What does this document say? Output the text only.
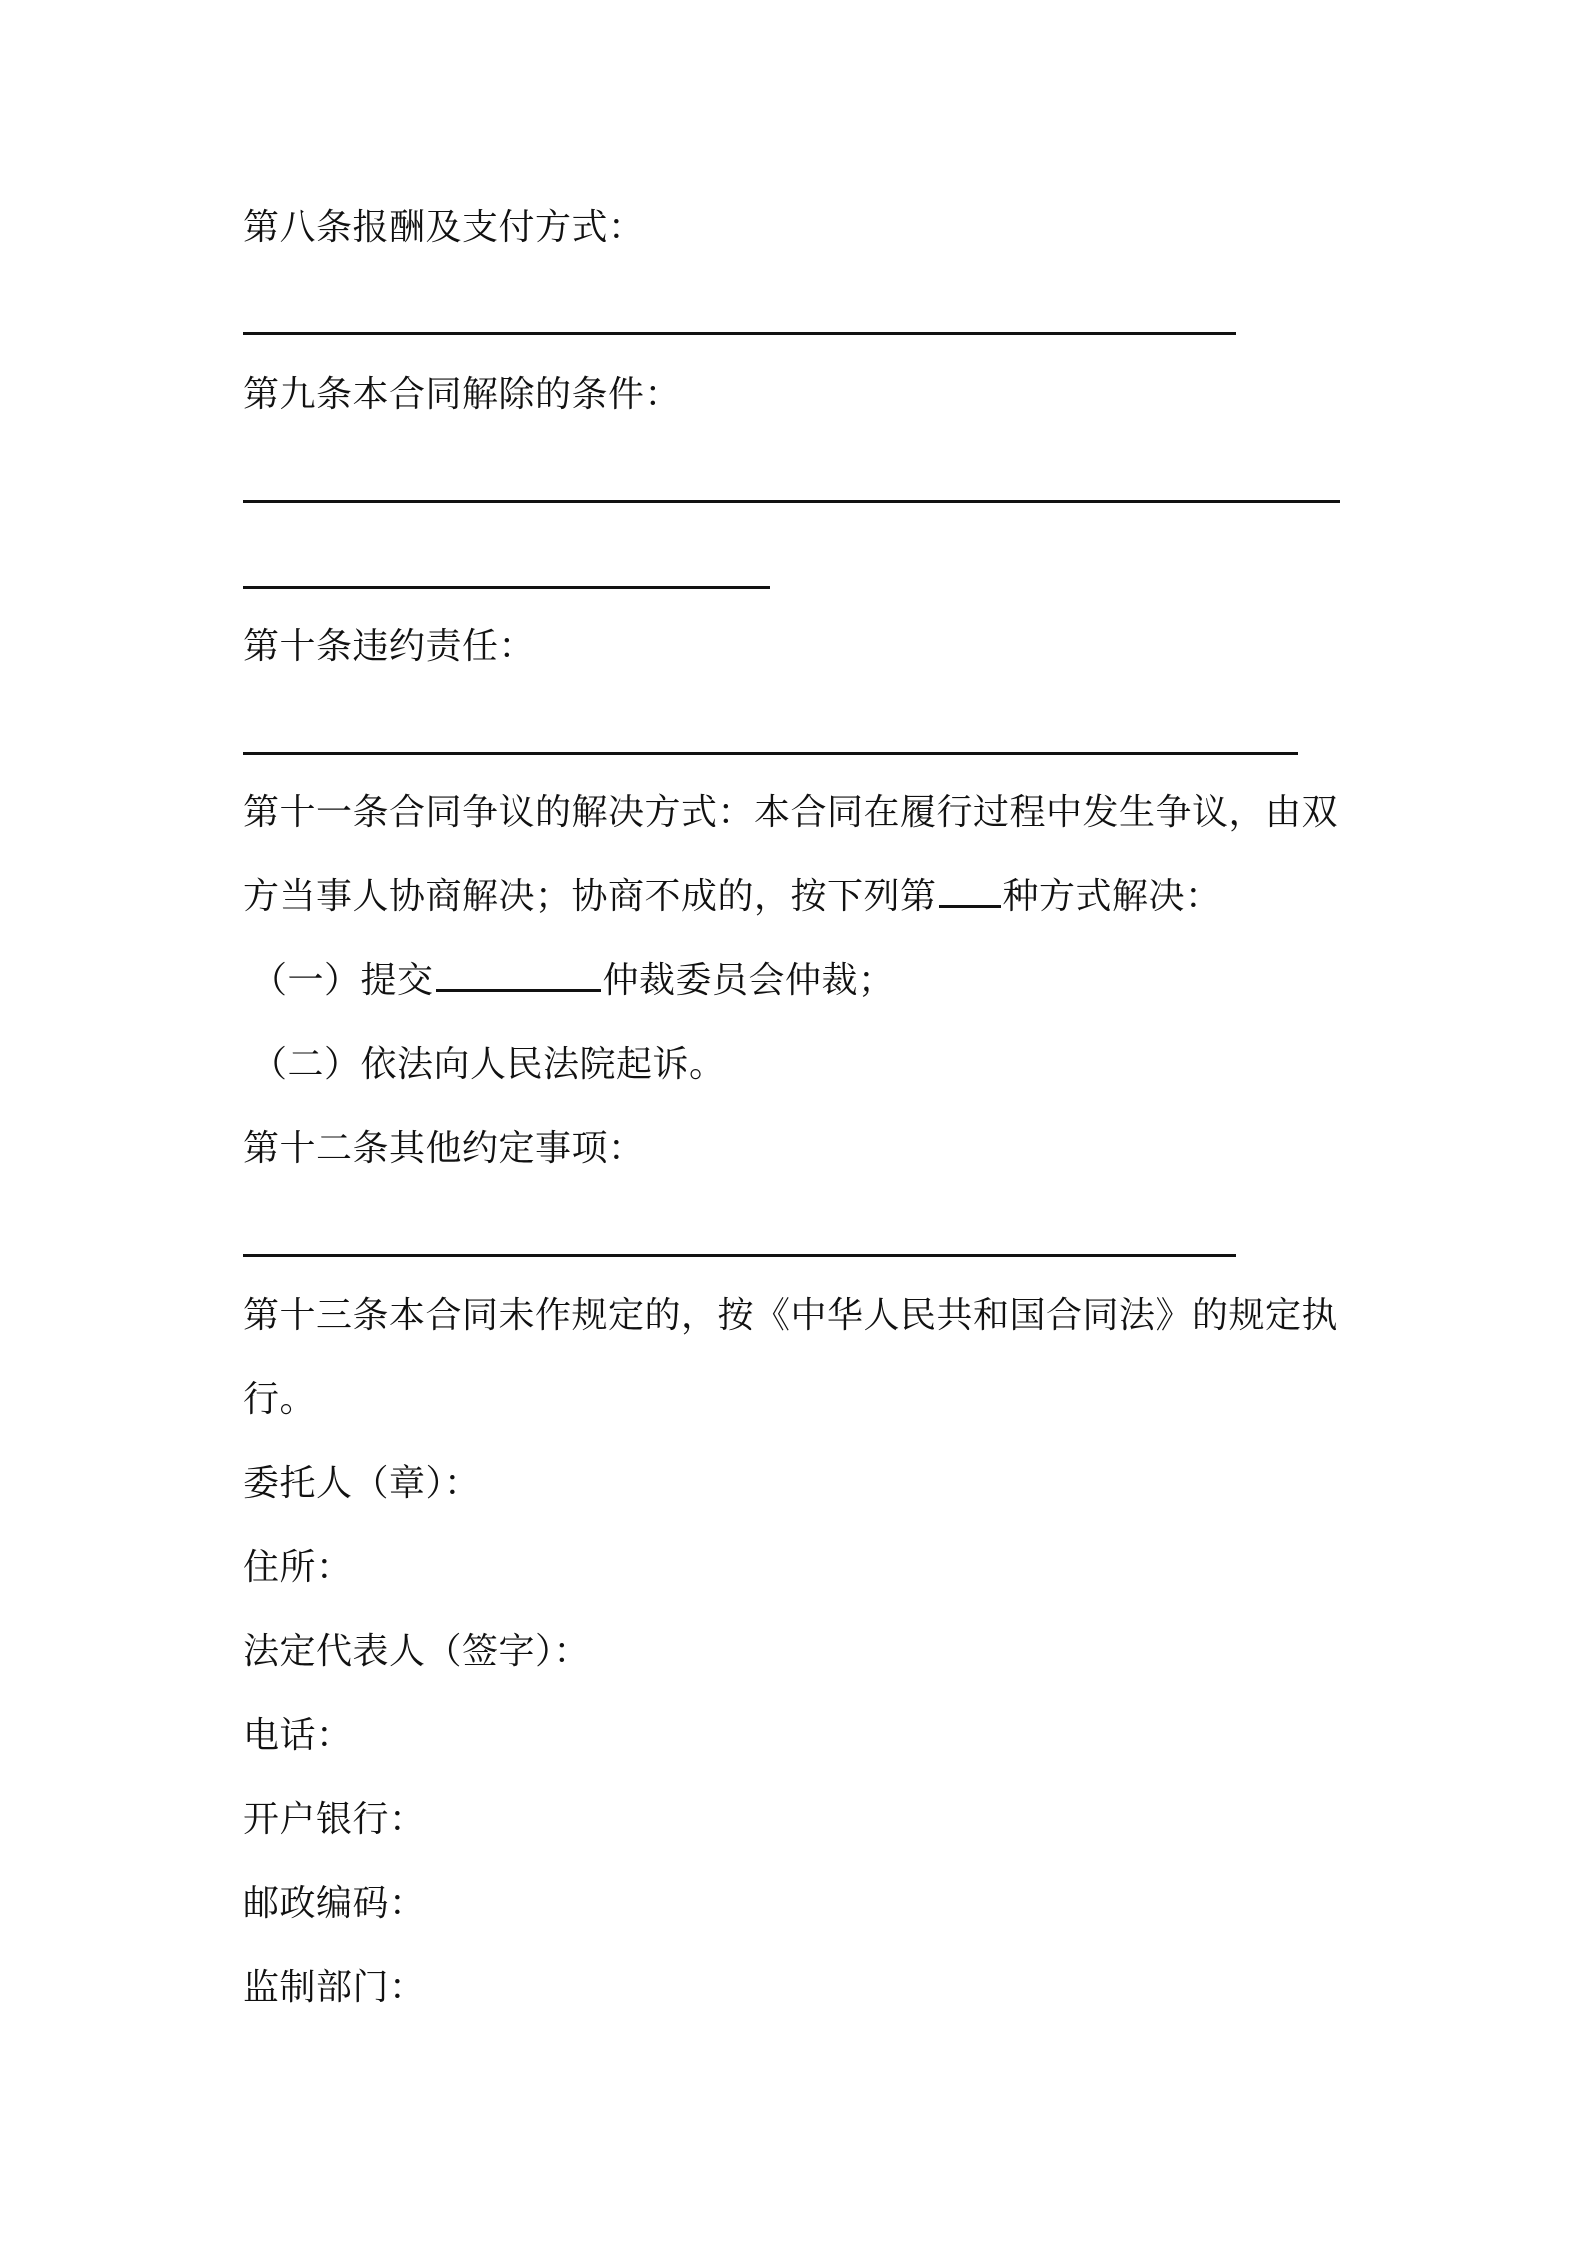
第八条报酬及支付方式：
第九条本合同解除的条件：
第十条违约责任：
第十一条合同争议的解决方式：本合同在履行过程中发生争议，由双
方当事人协商解决；协商不成的，按下列第 种方式解决：
（一）提交	仲裁委员会仲裁；
（二）依法向人民法院起诉。
第十二条其他约定事项：
第十三条本合同未作规定的，按《中华人民共和国合同法》的规定执
行。
委托人（章）：
住所：
法定代表人（签字）：
电话：
开户银行：
邮政编码：
监制部门：
